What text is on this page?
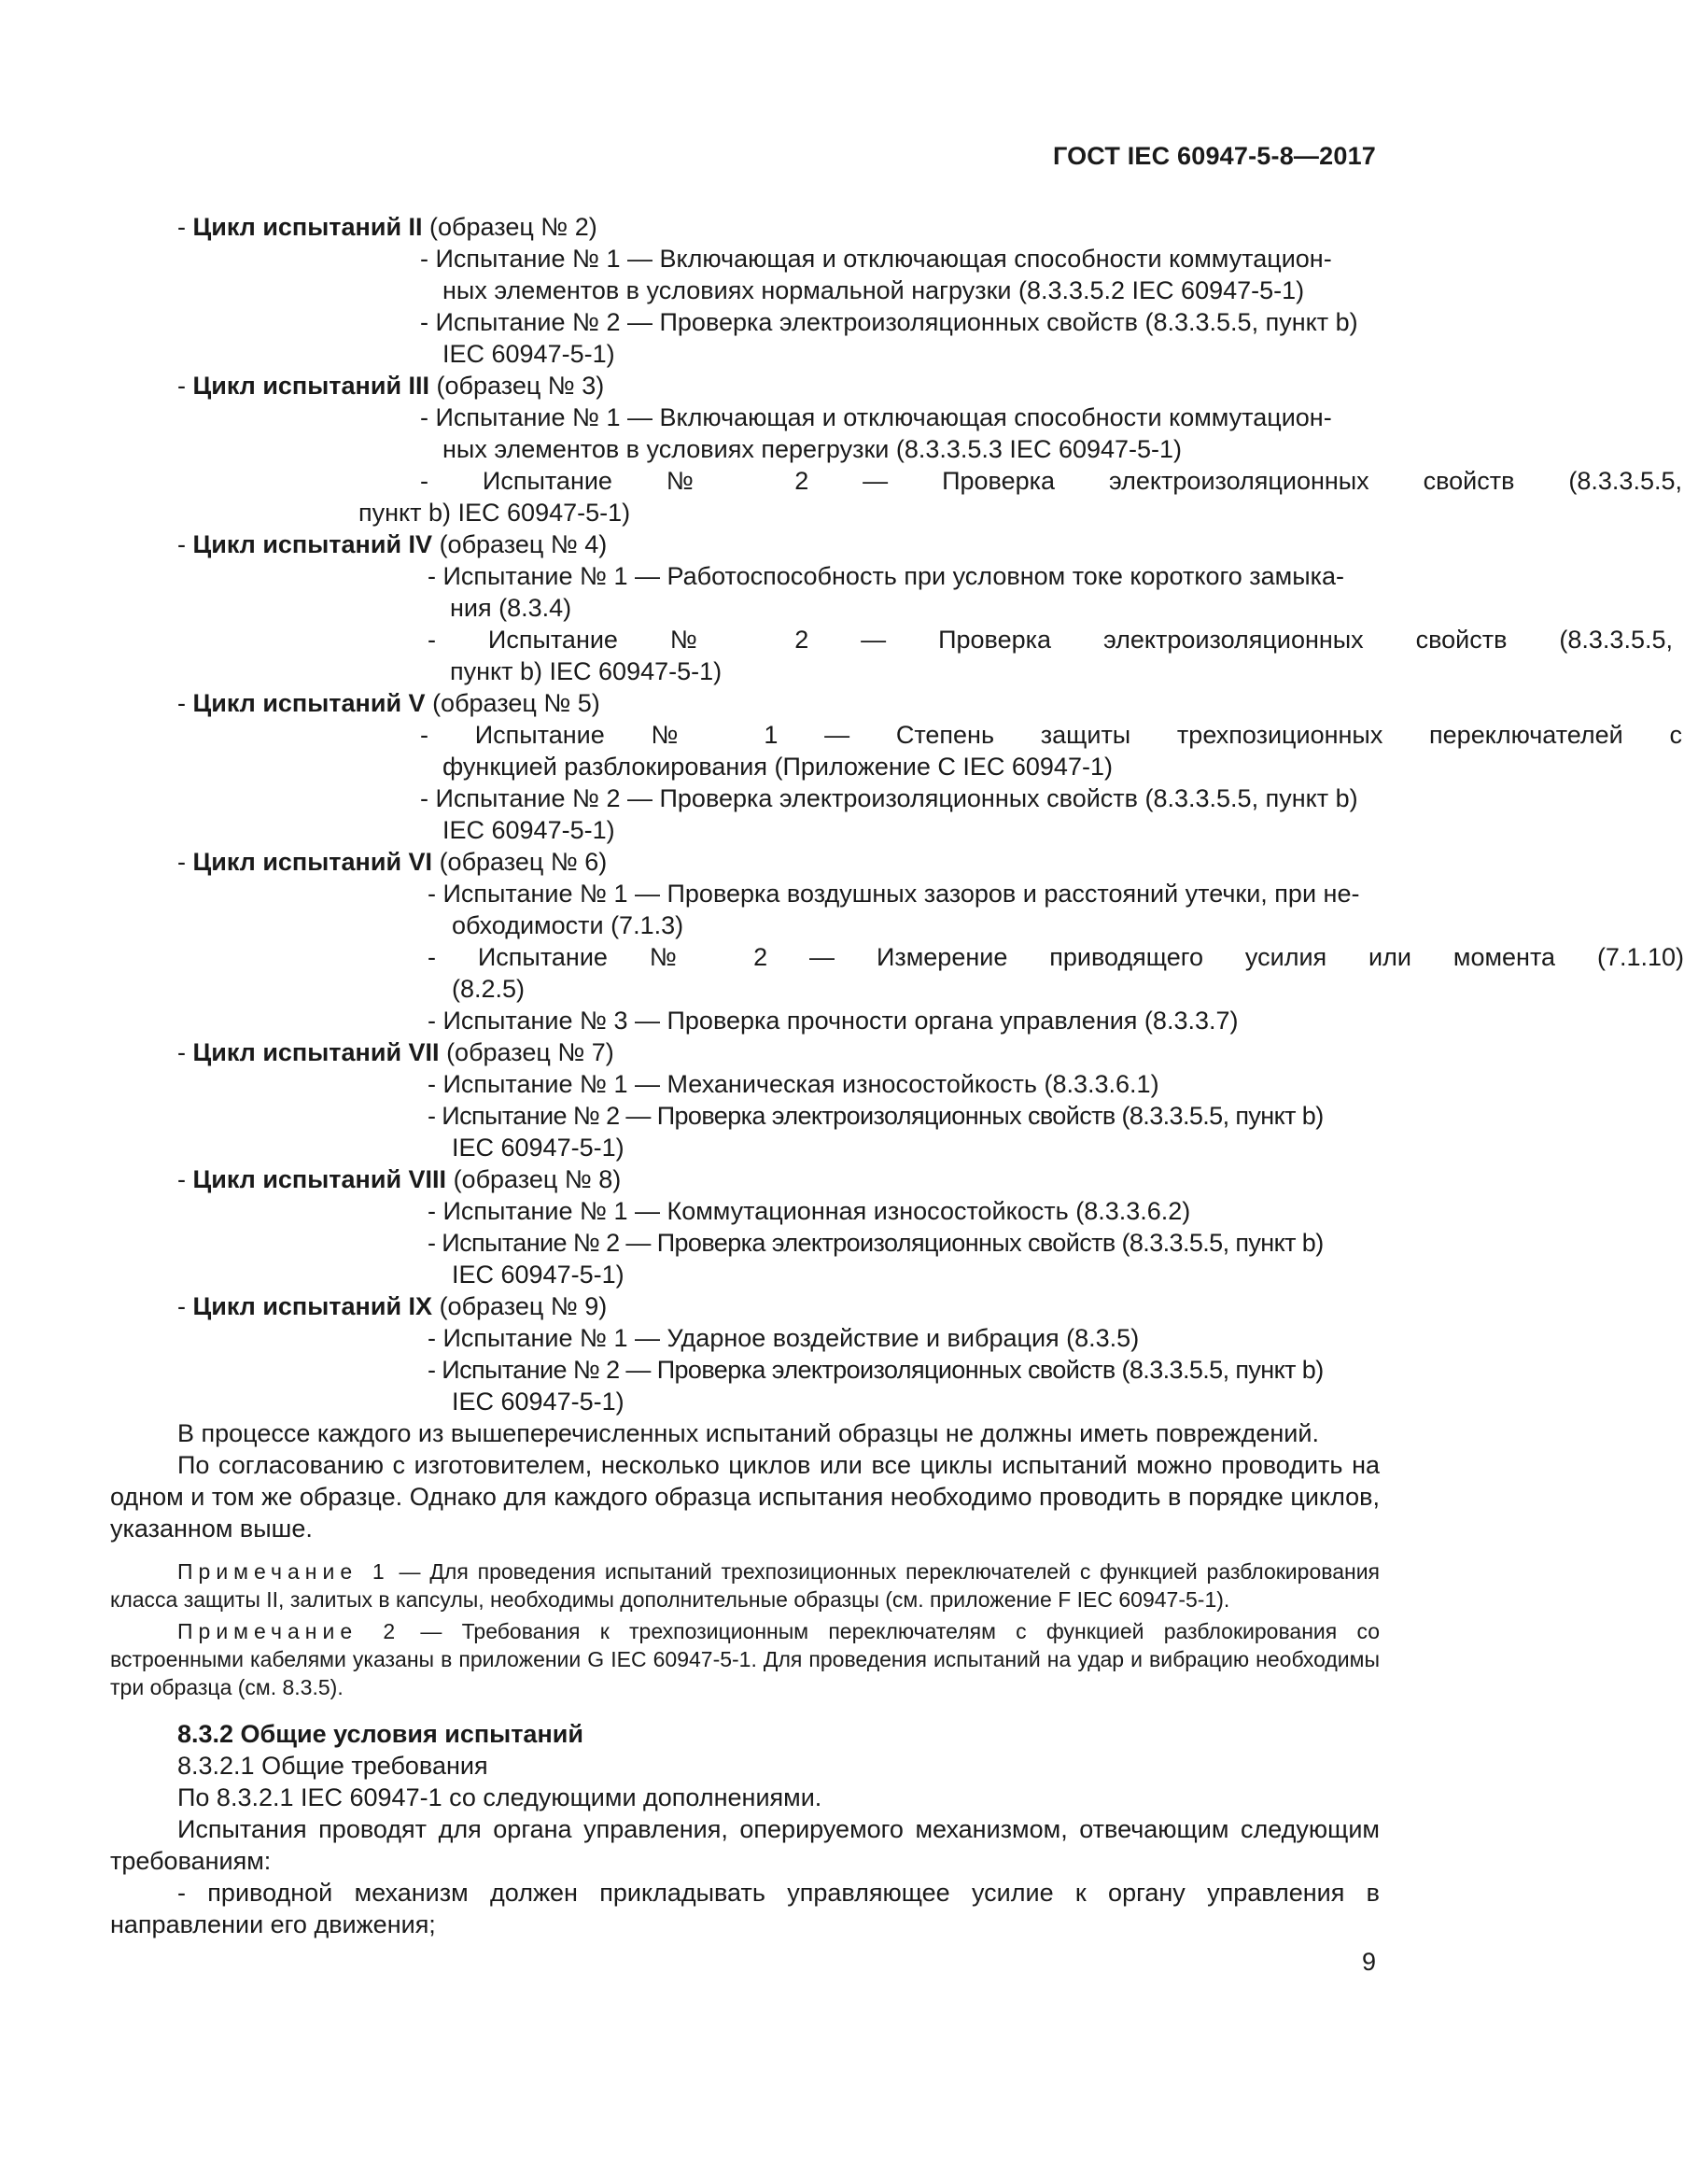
ГОСТ IEC 60947-5-8—2017
- Цикл испытаний II (образец № 2)
- Испытание № 1 — Включающая и отключающая способности коммутацион-
ных элементов в условиях нормальной нагрузки (8.3.3.5.2 IEC 60947-5-1)
- Испытание № 2 — Проверка электроизоляционных свойств (8.3.3.5.5, пункт b)
IEC 60947-5-1)
- Цикл испытаний III (образец № 3)
- Испытание № 1 — Включающая и отключающая способности коммутацион-
ных элементов в условиях перегрузки (8.3.3.5.3 IEC 60947-5-1)
- Испытание № 2 — Проверка электроизоляционных свойств (8.3.3.5.5,
пункт b) IEC 60947-5-1)
- Цикл испытаний IV (образец № 4)
- Испытание № 1 — Работоспособность при условном токе короткого замыка-
ния (8.3.4)
- Испытание № 2 — Проверка электроизоляционных свойств (8.3.3.5.5,
пункт b) IEC 60947-5-1)
- Цикл испытаний V (образец № 5)
- Испытание № 1 — Степень защиты трехпозиционных переключателей с
функцией разблокирования (Приложение С IEC 60947-1)
- Испытание № 2 — Проверка электроизоляционных свойств (8.3.3.5.5, пункт b)
IEC 60947-5-1)
- Цикл испытаний VI (образец № 6)
- Испытание № 1 — Проверка воздушных зазоров и расстояний утечки, при не-
обходимости (7.1.3)
- Испытание № 2 — Измерение приводящего усилия или момента (7.1.10)
(8.2.5)
- Испытание № 3 — Проверка прочности органа управления (8.3.3.7)
- Цикл испытаний VII (образец № 7)
- Испытание № 1 — Механическая износостойкость (8.3.3.6.1)
- Испытание № 2 — Проверка электроизоляционных свойств (8.3.3.5.5, пункт b)
IEC 60947-5-1)
- Цикл испытаний VIII (образец № 8)
- Испытание № 1 — Коммутационная износостойкость (8.3.3.6.2)
- Испытание № 2 — Проверка электроизоляционных свойств (8.3.3.5.5, пункт b)
IEC 60947-5-1)
- Цикл испытаний IX (образец № 9)
- Испытание № 1 — Ударное воздействие и вибрация (8.3.5)
- Испытание № 2 — Проверка электроизоляционных свойств (8.3.3.5.5, пункт b)
IEC 60947-5-1)
В процессе каждого из вышеперечисленных испытаний образцы не должны иметь повреждений.
По согласованию с изготовителем, несколько циклов или все циклы испытаний можно проводить на одном и том же образце. Однако для каждого образца испытания необходимо проводить в порядке циклов, указанном выше.
Примечание 1 — Для проведения испытаний трехпозиционных переключателей с функцией разблокирования класса защиты II, залитых в капсулы, необходимы дополнительные образцы (см. приложение F IEC 60947-5-1).
Примечание 2 — Требования к трехпозиционным переключателям с функцией разблокирования со встроенными кабелями указаны в приложении G IEC 60947-5-1. Для проведения испытаний на удар и вибрацию необходимы три образца (см. 8.3.5).
8.3.2 Общие условия испытаний
8.3.2.1 Общие требования
По 8.3.2.1 IEC 60947-1 со следующими дополнениями.
Испытания проводят для органа управления, оперируемого механизмом, отвечающим следующим требованиям:
- приводной механизм должен прикладывать управляющее усилие к органу управления в направлении его движения;
9
